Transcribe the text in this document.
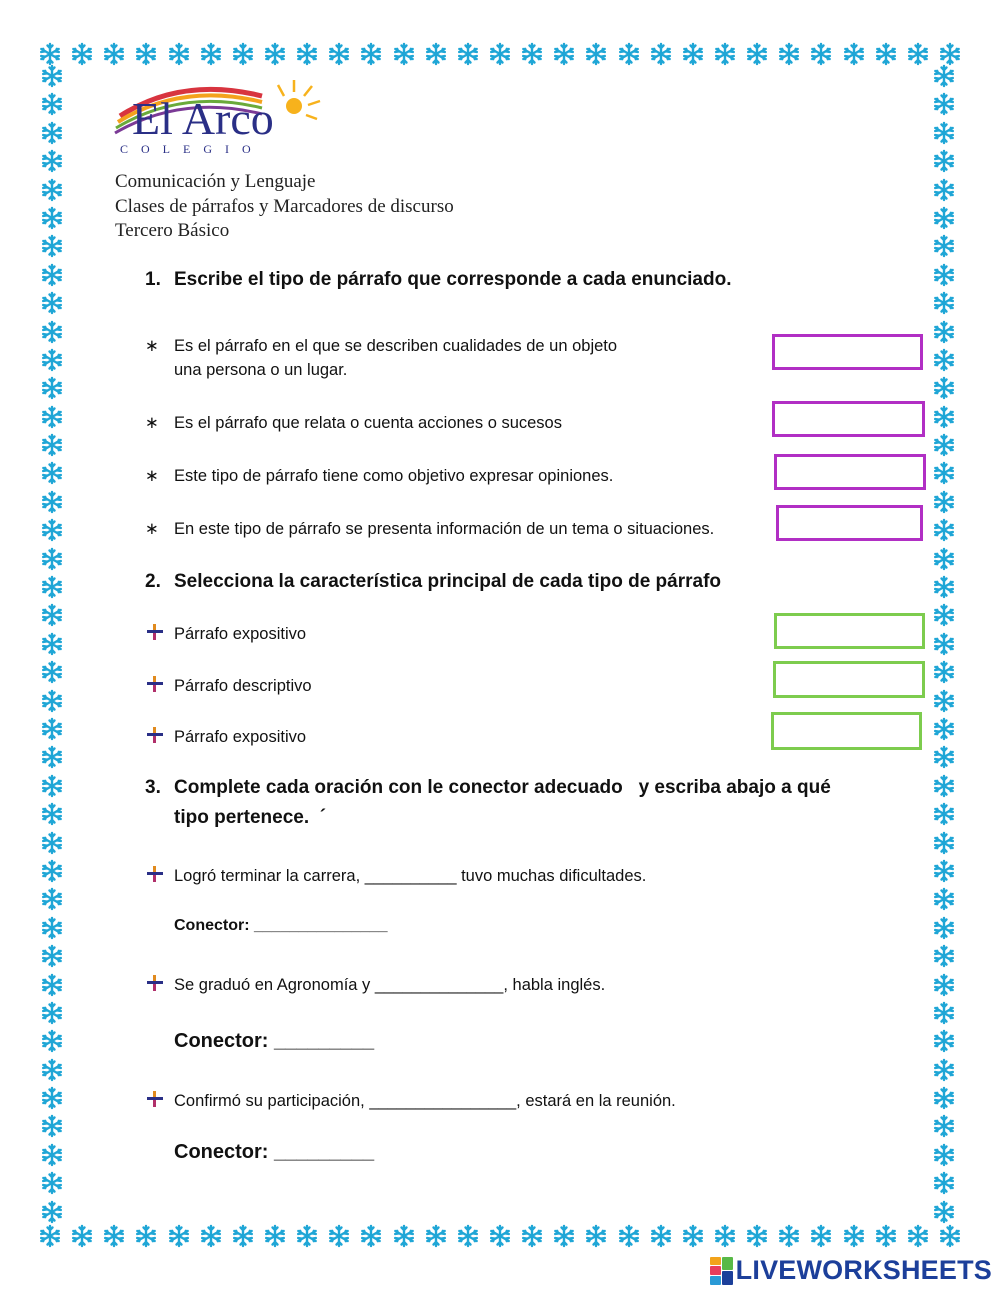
El Arco
COLEGIO
Comunicación y Lenguaje
Clases de párrafos y Marcadores de discurso
Tercero Básico
1. Escribe el tipo de párrafo que corresponde a cada enunciado.
∗ Es el párrafo en el que se describen cualidades de un objeto
una persona o un lugar.
∗ Es el párrafo que relata o cuenta acciones o sucesos
∗ Este tipo de párrafo tiene como objetivo expresar opiniones.
∗ En este tipo de párrafo se presenta información de un tema o situaciones.
2. Selecciona la característica principal de cada tipo de párrafo
Párrafo expositivo
Párrafo descriptivo
Párrafo expositivo
3. Complete cada oración con le conector adecuado   y escriba abajo a qué
tipo pertenece.  ´
Logró terminar la carrera, __________ tuvo muchas dificultades.
Conector: _______________
Se graduó en Agronomía y ______________, habla inglés.
Conector: _________
Confirmó su participación, ________________, estará en la reunión.
Conector: _________
LIVEWORKSHEETS
